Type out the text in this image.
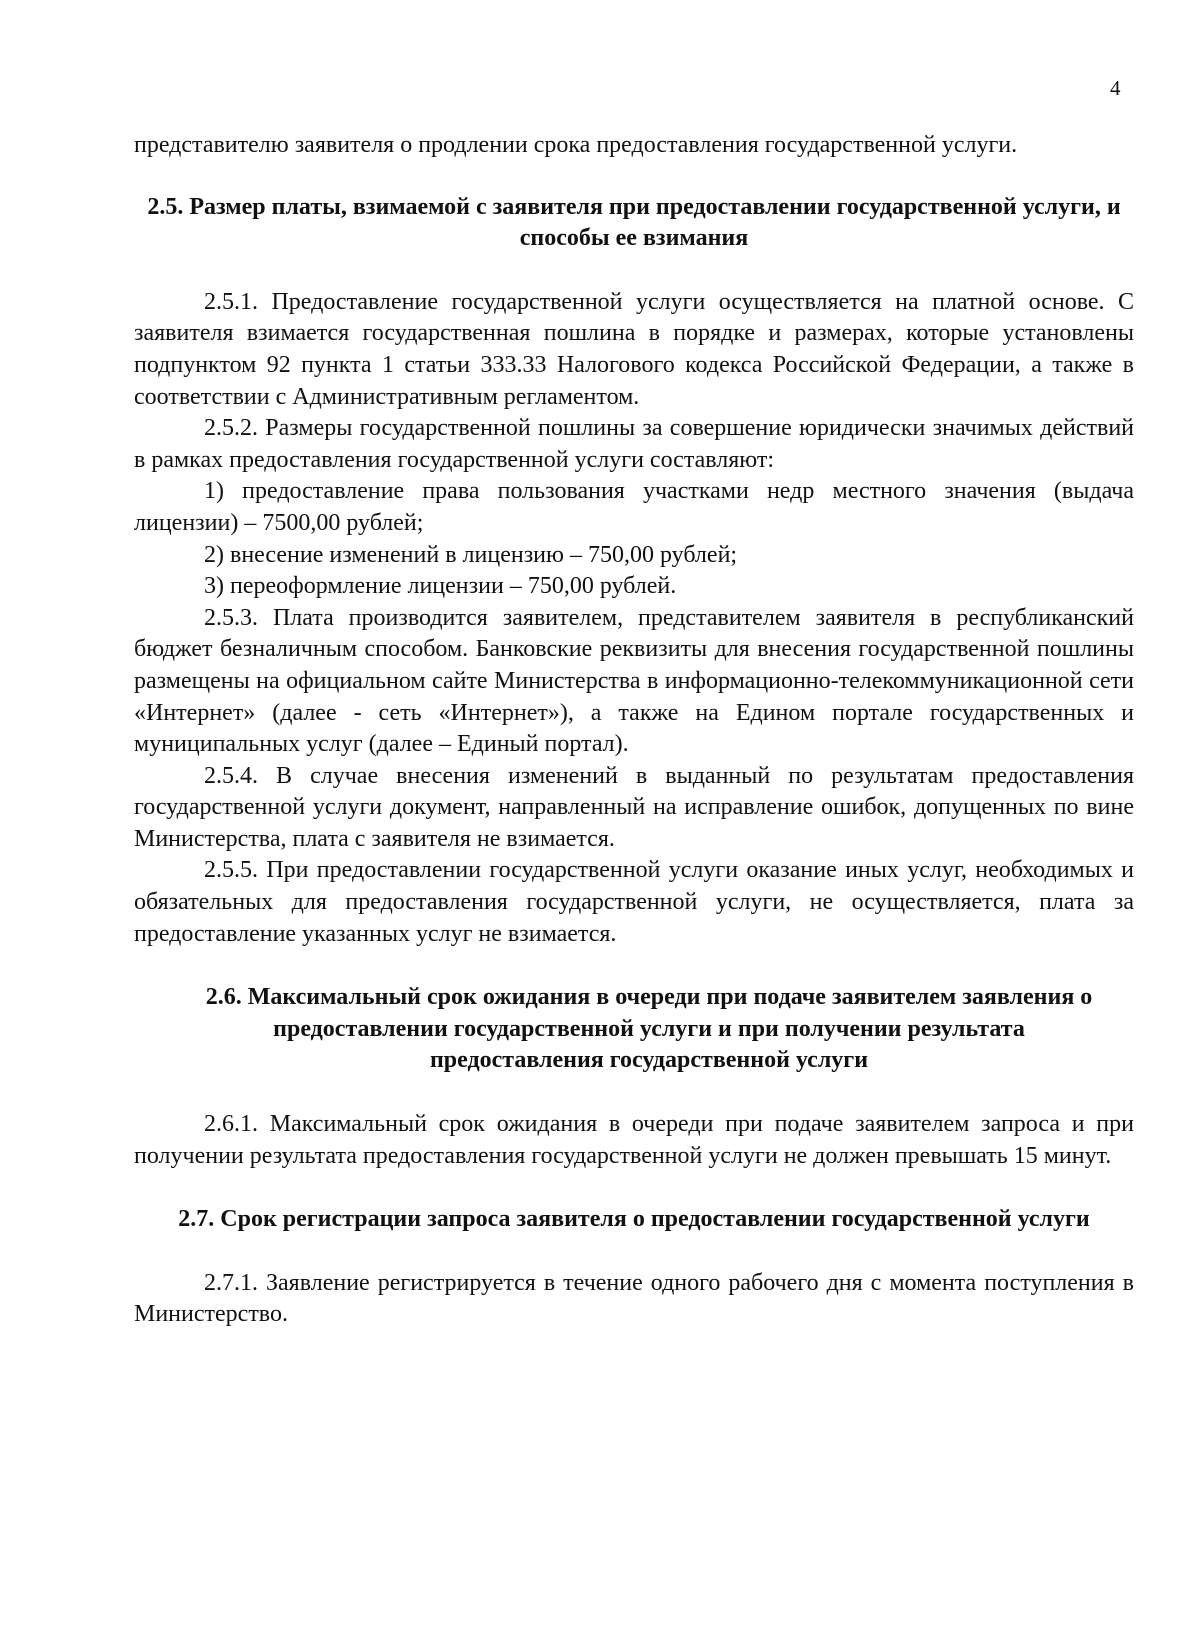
4

представителю заявителя о продлении срока предоставления государственной услуги.

2.5. Размер платы, взимаемой с заявителя при предоставлении государственной услуги, и способы ее взимания

2.5.1. Предоставление государственной услуги осуществляется на платной основе. С заявителя взимается государственная пошлина в порядке и размерах, которые установлены подпунктом 92 пункта 1 статьи 333.33 Налогового кодекса Российской Федерации, а также в соответствии с Административным регламентом.

2.5.2. Размеры государственной пошлины за совершение юридически значимых действий в рамках предоставления государственной услуги составляют:

1) предоставление права пользования участками недр местного значения (выдача лицензии) – 7500,00 рублей;

2) внесение изменений в лицензию – 750,00 рублей;

3) переоформление лицензии – 750,00 рублей.

2.5.3. Плата производится заявителем, представителем заявителя в республиканский бюджет безналичным способом. Банковские реквизиты для внесения государственной пошлины размещены на официальном сайте Министерства в информационно-телекоммуникационной сети «Интернет» (далее - сеть «Интернет»), а также на Едином портале государственных и муниципальных услуг (далее – Единый портал).

2.5.4. В случае внесения изменений в выданный по результатам предоставления государственной услуги документ, направленный на исправление ошибок, допущенных по вине Министерства, плата с заявителя не взимается.

2.5.5. При предоставлении государственной услуги оказание иных услуг, необходимых и обязательных для предоставления государственной услуги, не осуществляется, плата за предоставление указанных услуг не взимается.

2.6. Максимальный срок ожидания в очереди при подаче заявителем заявления о предоставлении государственной услуги и при получении результата предоставления государственной услуги

2.6.1. Максимальный срок ожидания в очереди при подаче заявителем запроса и при получении результата предоставления государственной услуги не должен превышать 15 минут.

2.7. Срок регистрации запроса заявителя о предоставлении государственной услуги

2.7.1. Заявление регистрируется в течение одного рабочего дня с момента поступления в Министерство.
